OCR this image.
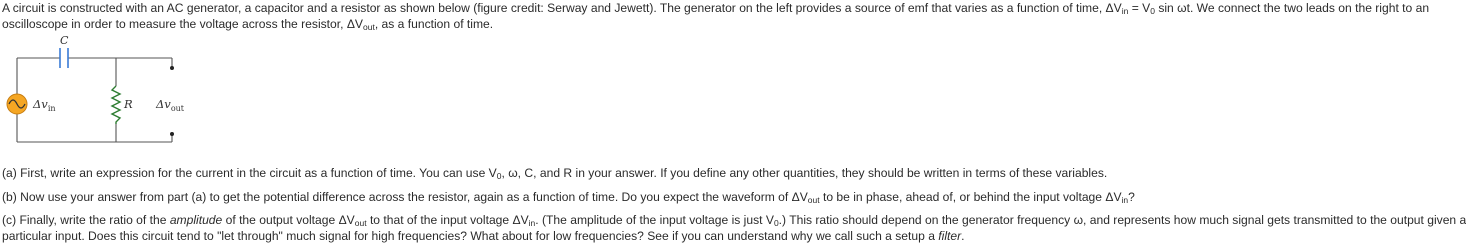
A circuit is constructed with an AC generator, a capacitor and a resistor as shown below (figure credit: Serway and Jewett). The generator on the left provides a source of emf that varies as a function of time, $\Delta V_{in} = V_0$ sin ωt. We connect the two leads on the right to an

oscilloscope in order to measure the voltage across the resistor, $\Delta V_{out}$, as a function of time.

C
$\Delta v_{in}$	R $\Delta v_{out}$

(a) First, write an expression for the current in the circuit as a function of time. You can use $V_0$, ω, C, and R in your answer. If you define any other quantities, they should be written in terms of these variables.

(b) Now use your answer from part (a) to get the potential difference across the resistor, again as a function of time. Do you expect the waveform of $\Delta V_{out}$ to be in phase, ahead of, or behind the input voltage $\Delta V_{in}$?

(c) Finally, write the ratio of the amplitude of the output voltage $\Delta V_{out}$ to that of the input voltage $\Delta V_{in}$. (The amplitude of the input voltage is just $V_0$.) This ratio should depend on the generator frequency ω, and represents how much signal gets transmitted to the output given a
particular input. Does this circuit tend to "let through" much signal for high frequencies? What about for low frequencies? See if you can understand why we call such a setup a filter.
